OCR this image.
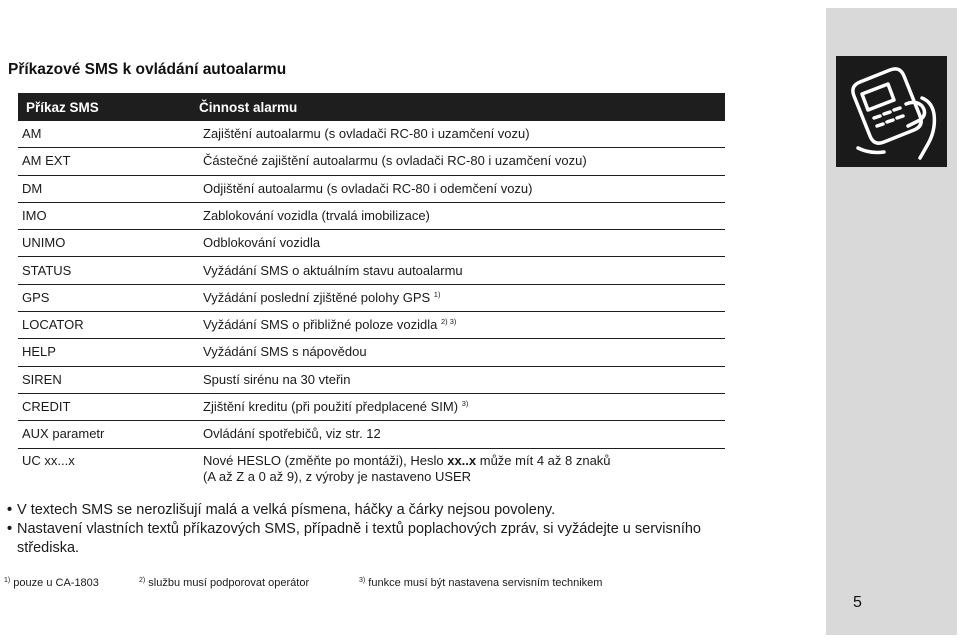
Příkazové SMS k ovládání autoalarmu
Příkaz SMS	Činnost alarmu
AM	Zajištění autoalarmu (s ovladači RC-80 i uzamčení vozu)
AM EXT	Částečné zajištění autoalarmu (s ovladači RC-80 i uzamčení vozu)
DM	Odjištění autoalarmu (s ovladači RC-80 i odemčení vozu)
IMO	Zablokování vozidla (trvalá imobilizace)
UNIMO	Odblokování vozidla
STATUS	Vyžádání SMS o aktuálním stavu autoalarmu
GPS	Vyžádání poslední zjištěné polohy GPS $^{1)}$
LOCATOR	Vyžádání SMS o přibližné poloze vozidla $^{2) 3)}$
HELP	Vyžádání SMS s nápovědou
SIREN	Spustí sirénu na 30 vteřin
CREDIT	Zjištění kreditu (při použití předplacené SIM) $^{3)}$
AUX parametr	Ovládání spotřebičů, viz str. 12
UC xx...x	Nové HESLO (změňte po montáži), Heslo xx..x může mít 4 až 8 znaků
(A až Z a 0 až 9), z výroby je nastaveno USER
• V textech SMS se nerozlišují malá a velká písmena, háčky a čárky nejsou povoleny.
• Nastavení vlastních textů příkazových SMS, případně i textů poplachových zpráv, si vyžádejte u servisního střediska.
$^{1)}$ pouze u CA-1803	$^{2)}$ službu musí podporovat operátor	$^{3)}$ funkce musí být nastavena servisním technikem
5
